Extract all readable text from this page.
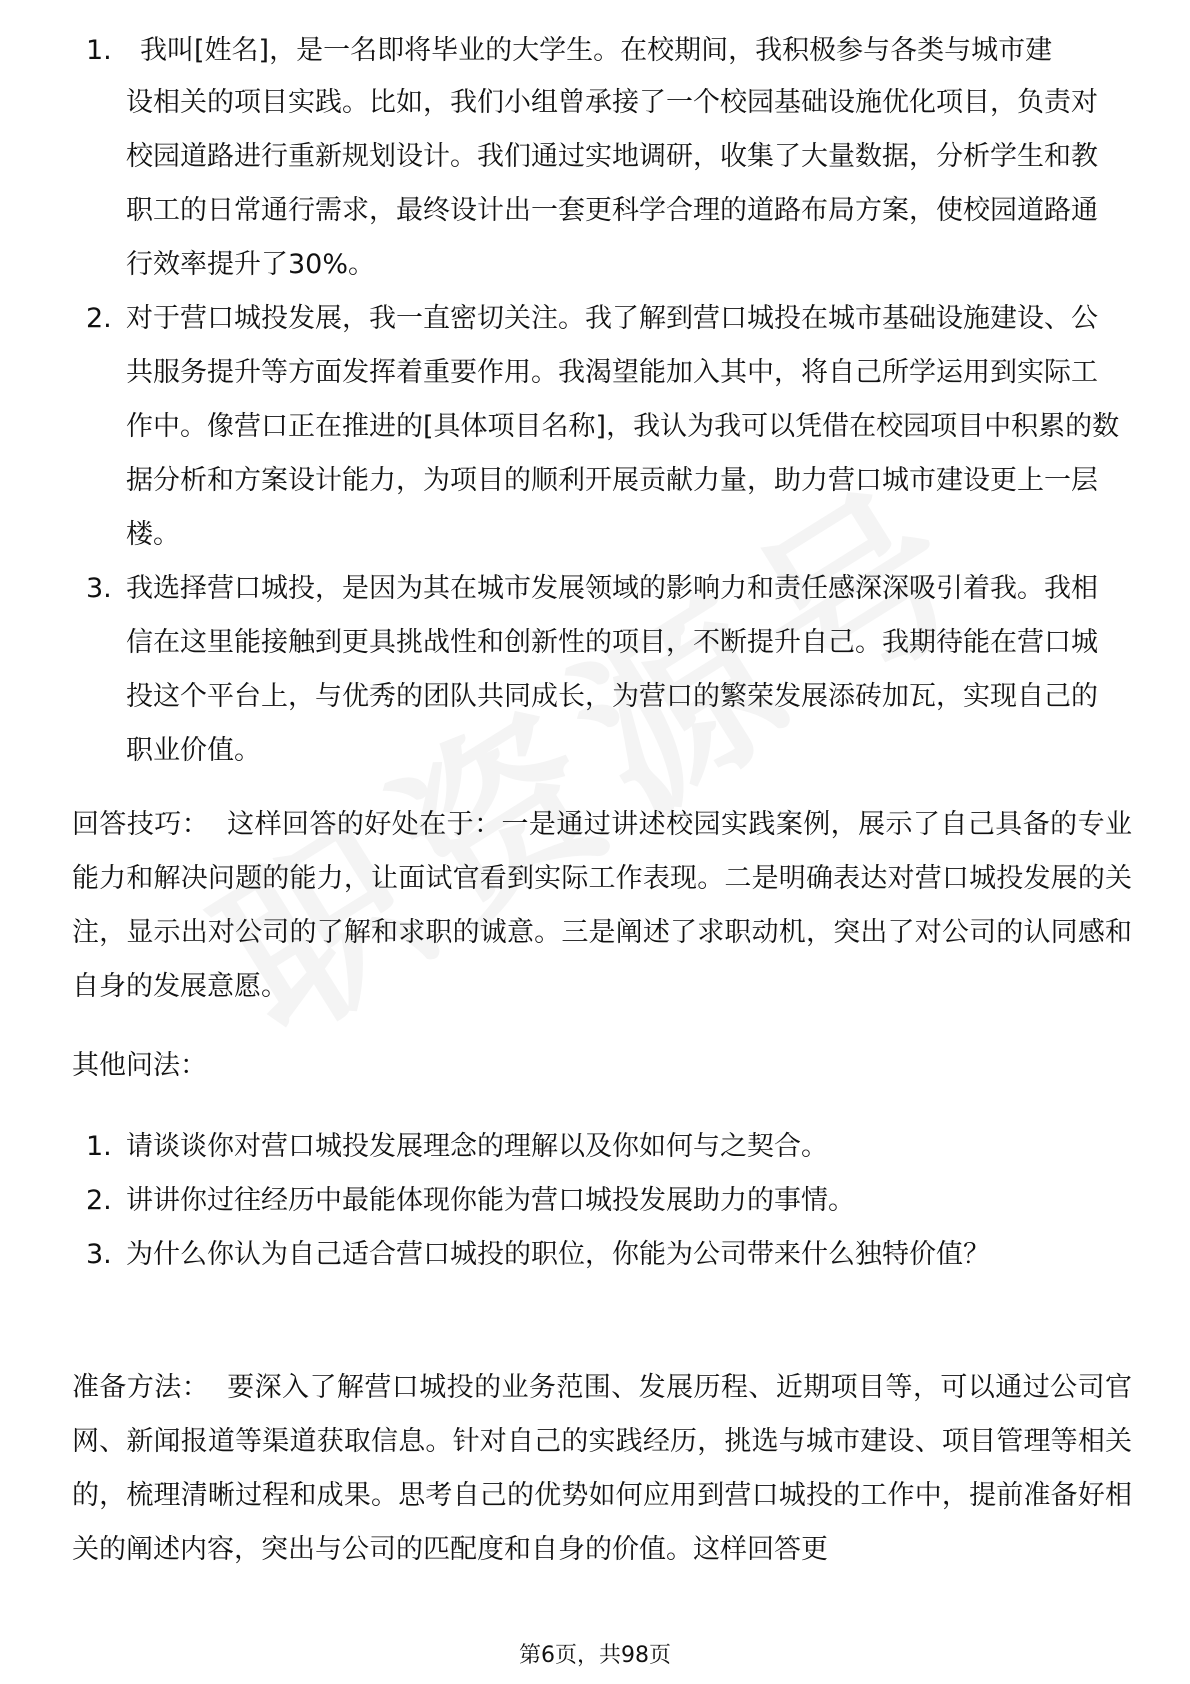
1. 我叫[姓名]，是一名即将毕业的大学生。在校期间，我积极参与各类与城市建
设相关的项目实践。比如，我们小组曾承接了一个校园基础设施优化项目，负责对校园道路进行重新规划设计。我们通过实地调研，收集了大量数据，分析学生和教职工的日常通行需求，最终设计出一套更科学合理的道路布局方案，使校园道路通行效率提升了30%。
2. 对于营口城投发展，我一直密切关注。我了解到营口城投在城市基础设施建设、公共服务提升等方面发挥着重要作用。我渴望能加入其中，将自己所学运用到实际工作中。像营口正在推进的[具体项目名称]，我认为我可以凭借在校园项目中积累的数据分析和方案设计能力，为项目的顺利开展贡献力量，助力营口城市建设更上一层楼。
3. 我选择营口城投，是因为其在城市发展领域的影响力和责任感深深吸引着我。我相信在这里能接触到更具挑战性和创新性的项目，不断提升自己。我期待能在营口城投这个平台上，与优秀的团队共同成长，为营口的繁荣发展添砖加瓦，实现自己的职业价值。

回答技巧： 这样回答的好处在于：一是通过讲述校园实践案例，展示了自己具备的专业能力和解决问题的能力，让面试官看到实际工作表现。二是明确表达对营口城投发展的关注，显示出对公司的了解和求职的诚意。三是阐述了求职动机，突出了对公司的认同感和自身的发展意愿。

其他问法：

1. 请谈谈你对营口城投发展理念的理解以及你如何与之契合。
2. 讲讲你过往经历中最能体现你能为营口城投发展助力的事情。
3. 为什么你认为自己适合营口城投的职位，你能为公司带来什么独特价值？

准备方法： 要深入了解营口城投的业务范围、发展历程、近期项目等，可以通过公司官网、新闻报道等渠道获取信息。针对自己的实践经历，挑选与城市建设、项目管理等相关的，梳理清晰过程和成果。思考自己的优势如何应用到营口城投的工作中，提前准备好相关的阐述内容，突出与公司的匹配度和自身的价值。这样回答更

第6页，共98页
